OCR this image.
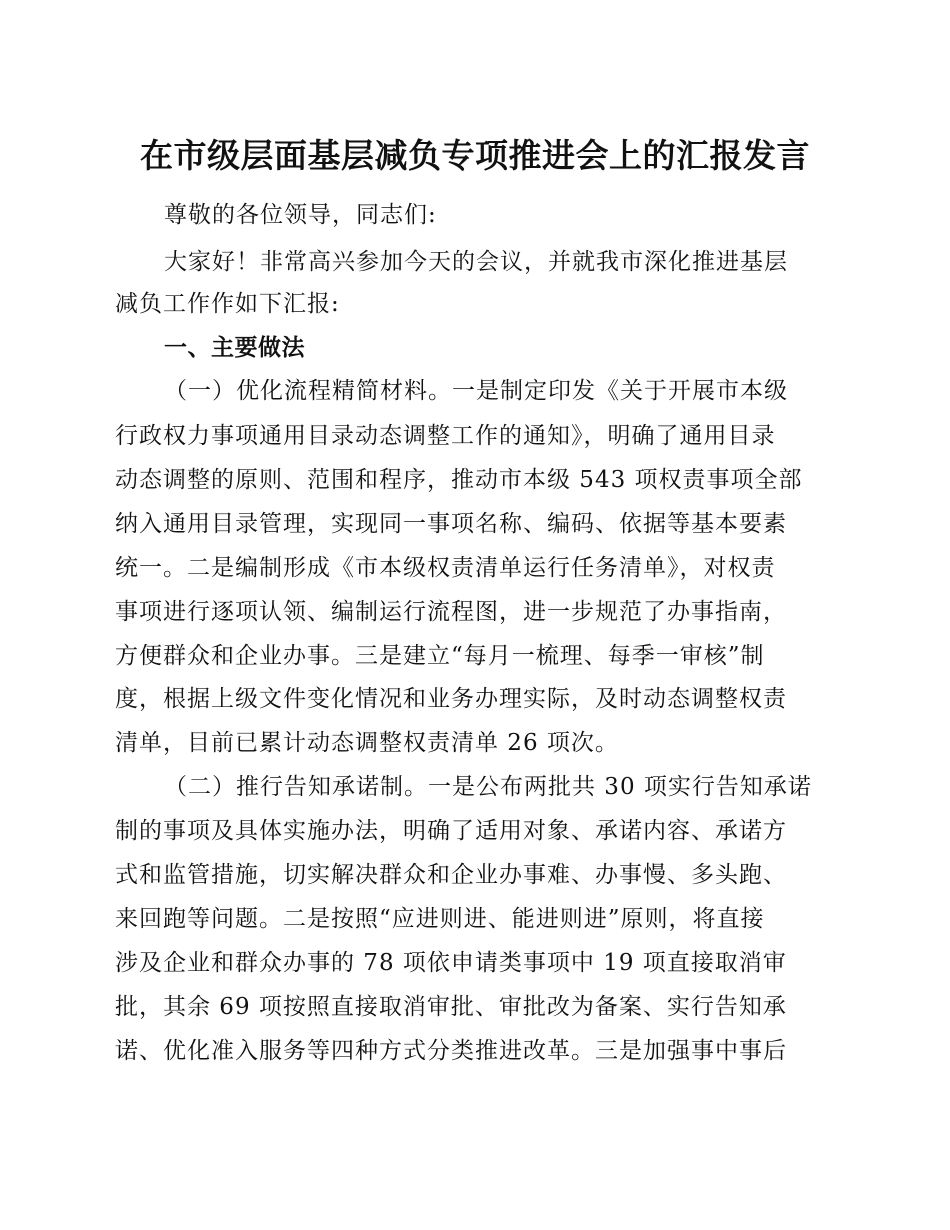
在市级层面基层减负专项推进会上的汇报发言
尊敬的各位领导，同志们:
大家好！非常高兴参加今天的会议，并就我市深化推进基层
减负工作作如下汇报:
一、主要做法
（一）优化流程精简材料。一是制定印发《关于开展市本级
行政权力事项通用目录动态调整工作的通知》，明确了通用目录
动态调整的原则、范围和程序，推动市本级 543 项权责事项全部
纳入通用目录管理，实现同一事项名称、编码、依据等基本要素
统一。二是编制形成《市本级权责清单运行任务清单》，对权责
事项进行逐项认领、编制运行流程图，进一步规范了办事指南，
方便群众和企业办事。三是建立“每月一梳理、每季一审核”制
度，根据上级文件变化情况和业务办理实际，及时动态调整权责
清单，目前已累计动态调整权责清单 26 项次。
（二）推行告知承诺制。一是公布两批共 30 项实行告知承诺
制的事项及具体实施办法，明确了适用对象、承诺内容、承诺方
式和监管措施，切实解决群众和企业办事难、办事慢、多头跑、
来回跑等问题。二是按照“应进则进、能进则进”原则，将直接
涉及企业和群众办事的 78 项依申请类事项中 19 项直接取消审
批，其余 69 项按照直接取消审批、审批改为备案、实行告知承
诺、优化准入服务等四种方式分类推进改革。三是加强事中事后
